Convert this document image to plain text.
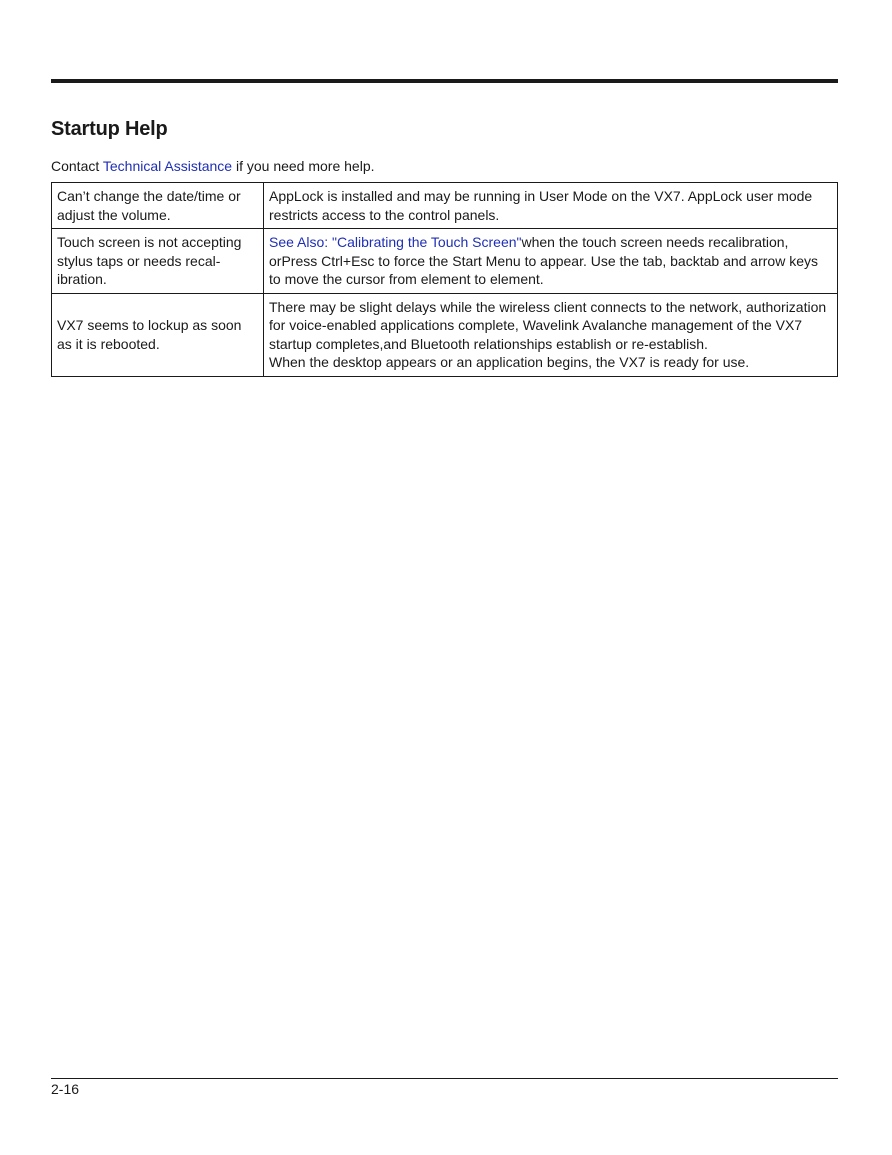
Startup Help

Contact Technical Assistance if you need more help.

Can’t change the date/time or adjust the volume.	AppLock is installed and may be running in User Mode on the VX7. AppLock user mode restricts access to the control panels.
Touch screen is not accepting stylus taps or needs recal-ibration.	See Also: "Calibrating the Touch Screen"when the touch screen needs recalibration, orPress Ctrl+Esc to force the Start Menu to appear. Use the tab, backtab and arrow keys to move the cursor from element to element.
VX7 seems to lockup as soon as it is rebooted.	There may be slight delays while the wireless client connects to the network, authorization for voice-enabled applications complete, Wavelink Avalanche management of the VX7 startup completes,and Bluetooth relationships establish or re-establish.
When the desktop appears or an application begins, the VX7 is ready for use.

2-16
